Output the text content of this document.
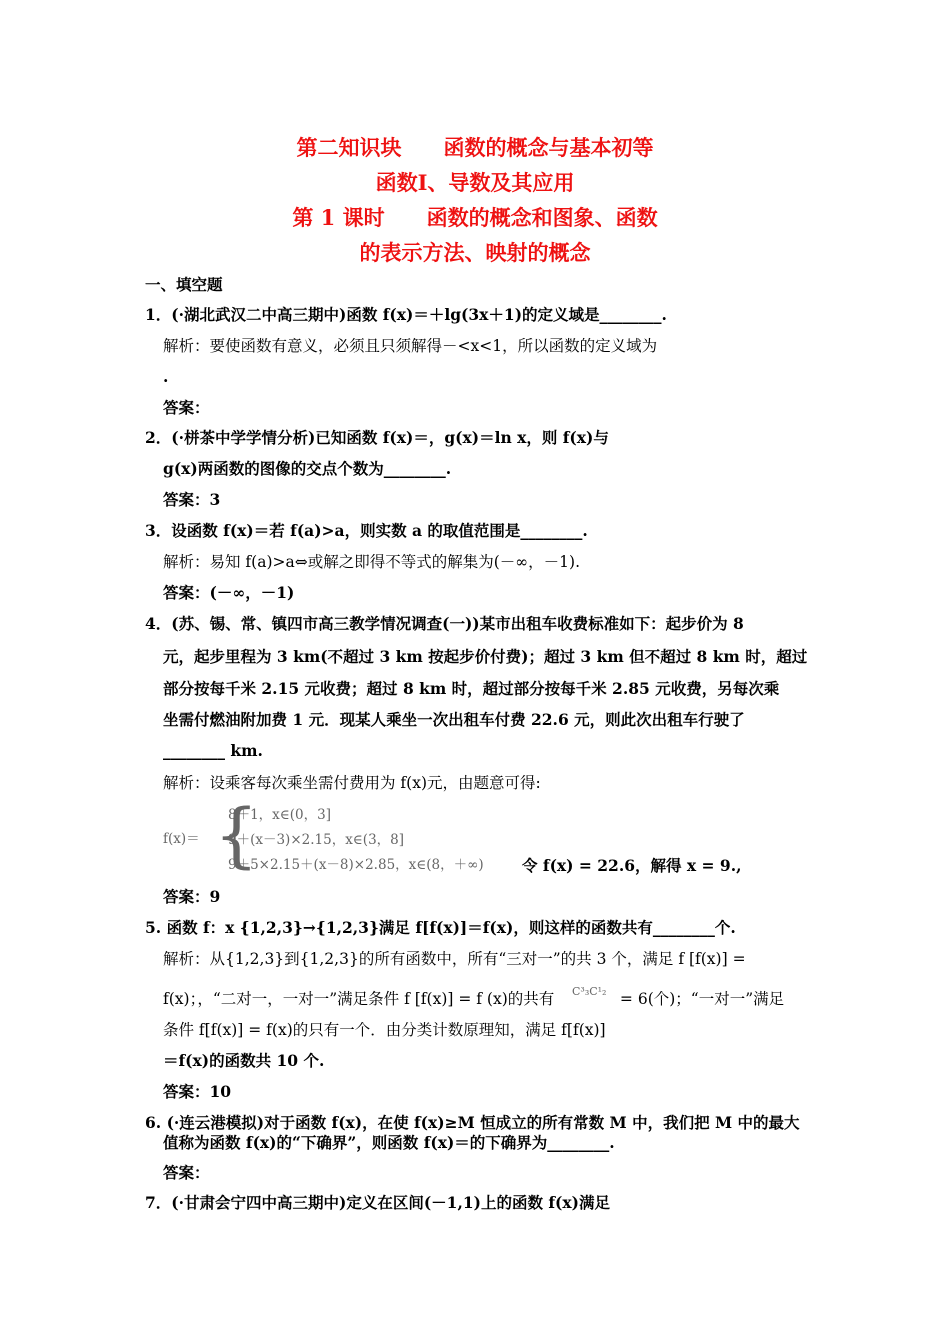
第二知识块　　函数的概念与基本初等
函数Ⅰ、导数及其应用
第 1 课时　　函数的概念和图象、函数
的表示方法、映射的概念
一、填空题
1．(·湖北武汉二中高三期中)函数 f(x)＝＋lg(3x＋1)的定义域是________.
解析：要使函数有意义，必须且只须解得－<x<1，所以函数的定义域为
.
答案：
2．(·栟茶中学学情分析)已知函数 f(x)＝，g(x)＝ln x，则 f(x)与
g(x)两函数的图像的交点个数为________.
答案：3
3．设函数 f(x)＝若 f(a)>a，则实数 a 的取值范围是________.
解析：易知 f(a)>a⇔或解之即得不等式的解集为(－∞，－1).
答案：(－∞，－1)
4．(苏、锡、常、镇四市高三教学情况调查(一))某市出租车收费标准如下：起步价为 8
元，起步里程为 3 km(不超过 3 km 按起步价付费)；超过 3 km 但不超过 8 km 时，超过
部分按每千米 2.15 元收费；超过 8 km 时，超过部分按每千米 2.85 元收费，另每次乘
坐需付燃油附加费 1 元．现某人乘坐一次出租车付费 22.6 元，则此次出租车行驶了
________ km.
解析：设乘客每次乘坐需付费用为 f(x)元，由题意可得:
f(x)＝ {
8＋1，x∈(0，3]
9＋(x－3)×2.15，x∈(3，8]
9＋5×2.15＋(x－8)×2.85，x∈(8，＋∞) 令 f(x) = 22.6，解得 x = 9.,
答案：9
5. 函数 f：x {1,2,3}→{1,2,3}满足 f[f(x)]＝f(x)，则这样的函数共有________个.
解析：从{1,2,3}到{1,2,3}的所有函数中，所有“三对一”的共 3 个，满足 f [f(x)] =
f(x)；，“二对一，一对一”满足条件 f [f(x)] = f (x)的共有 C³₃C¹₂ = 6(个)；“一对一”满足
条件 f[f(x)] = f(x)的只有一个．由分类计数原理知，满足 f[f(x)]
＝f(x)的函数共 10 个.
答案：10
6. (·连云港模拟)对于函数 f(x)，在使 f(x)≥M 恒成立的所有常数 M 中，我们把 M 中的最大
值称为函数 f(x)的“下确界”，则函数 f(x)＝的下确界为________.
答案：
7．(·甘肃会宁四中高三期中)定义在区间(－1,1)上的函数 f(x)满足
